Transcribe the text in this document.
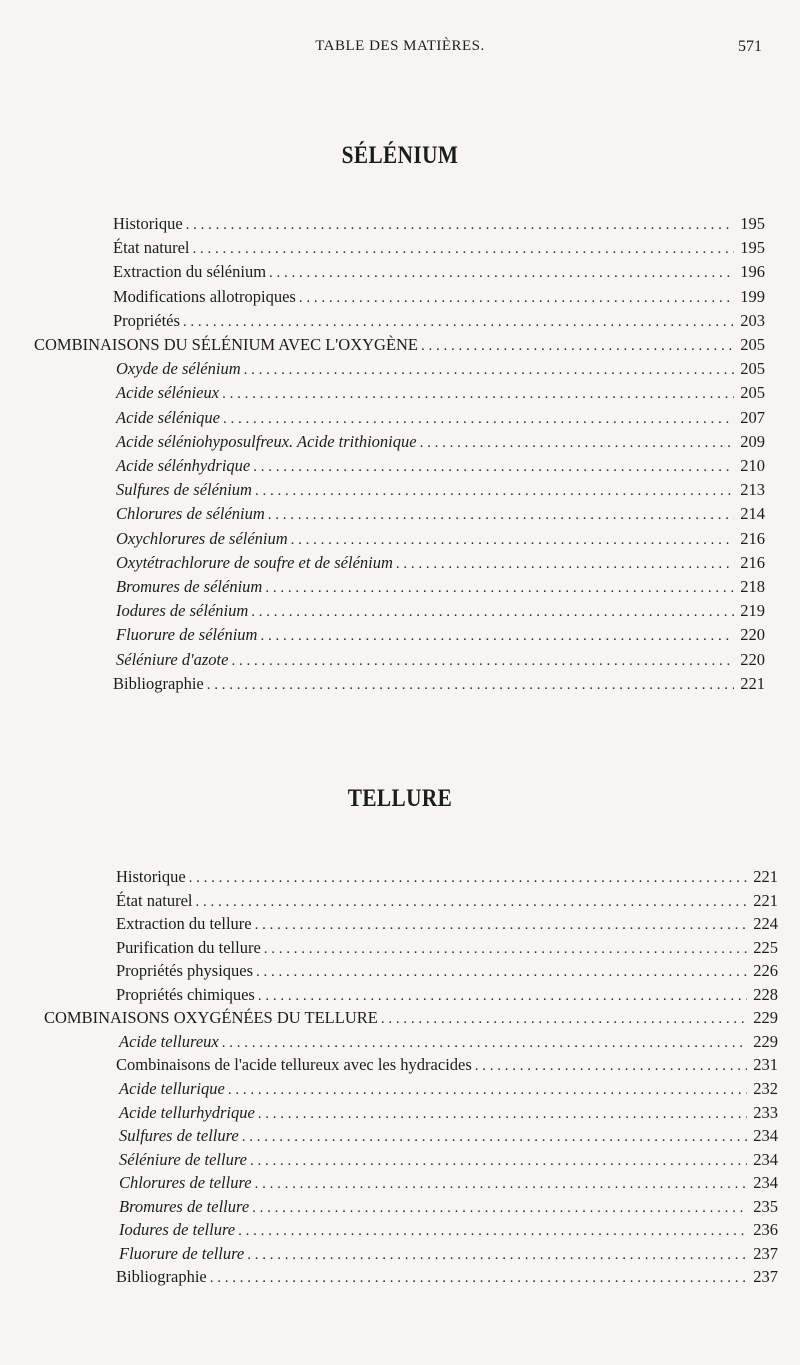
TABLE DES MATIÈRES.	571
SÉLÉNIUM
Historique . . .	195
État naturel . . .	195
Extraction du sélénium . . .	196
Modifications allotropiques . . .	199
Propriétés . . .	203
COMBINAISONS DU SÉLÉNIUM AVEC L'OXYGÈNE . . .	205
Oxyde de sélénium . . .	205
Acide sélénieux . . .	205
Acide sélénique . . .	207
Acide séléniohyposulfreux. Acide trithionique . . .	209
Acide sélénhydrique . . .	210
Sulfures de sélénium . . .	213
Chlorures de sélénium . . .	214
Oxychlorures de sélénium . . .	216
Oxytétrachlorure de soufre et de sélénium . . .	216
Bromures de sélénium . . .	218
Iodures de sélénium . . .	219
Fluorure de sélénium . . .	220
Séléniure d'azote . . .	220
Bibliographie . . .	221
TELLURE
Historique . . .	221
État naturel . . .	221
Extraction du tellure . . .	224
Purification du tellure . . .	225
Propriétés physiques . . .	226
Propriétés chimiques . . .	228
COMBINAISONS OXYGÉNÉES DU TELLURE . . .	229
Acide tellureux . . .	229
Combinaisons de l'acide tellureux avec les hydracides . . .	231
Acide tellurique . . .	232
Acide tellurhydrique . . .	233
Sulfures de tellure . . .	234
Séléniure de tellure . . .	234
Chlorures de tellure . . .	234
Bromures de tellure . . .	235
Iodures de tellure . . .	236
Fluorure de tellure . . .	237
Bibliographie . . .	237
